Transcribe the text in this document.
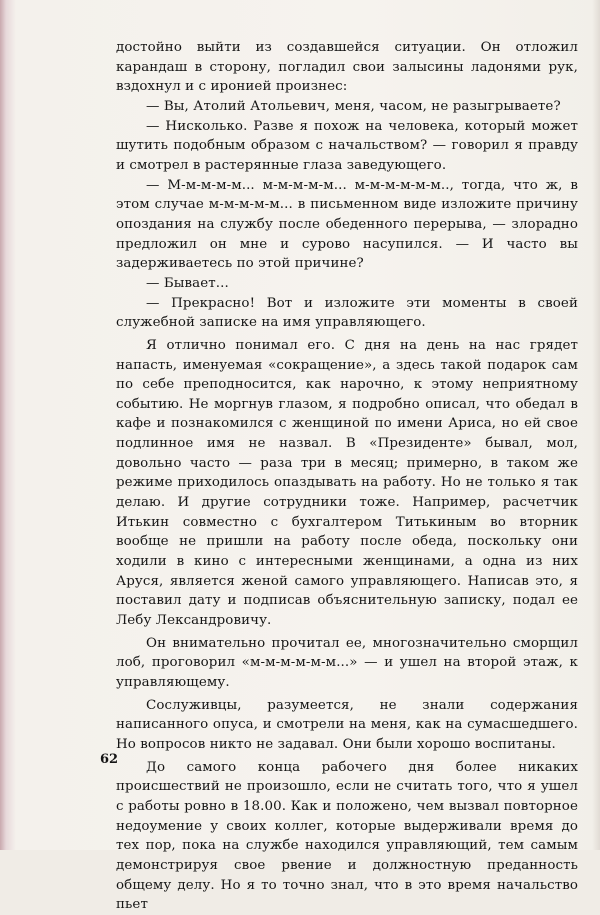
достойно выйти из создавшейся ситуации. Он отложил карандаш в сторону, погладил свои залысины ладонями рук, вздохнул и с иронией произнес:

— Вы, Атолий Атольевич, меня, часом, не разыгрываете?

— Нисколько. Разве я похож на человека, который может шутить подобным образом с начальством? — говорил я правду и смотрел в растерянные глаза заведующего.

— М-м-м-м-м... м-м-м-м-м... м-м-м-м-м-м.., тогда, что ж, в этом случае м-м-м-м-м... в письменном виде изложите причину опоздания на службу после обеденного перерыва, — злорадно предложил он мне и сурово насупился. — И часто вы задерживаетесь по этой причине?

— Бывает...

— Прекрасно! Вот и изложите эти моменты в своей служебной записке на имя управляющего.

Я отлично понимал его. С дня на день на нас грядет напасть, именуемая «сокращение», а здесь такой подарок сам по себе преподносится, как нарочно, к этому неприятному событию. Не моргнув глазом, я подробно описал, что обедал в кафе и познакомился с женщиной по имени Ариса, но ей свое подлинное имя не назвал. В «Президенте» бывал, мол, довольно часто — раза три в месяц; примерно, в таком же режиме приходилось опаздывать на работу. Но не только я так делаю. И другие сотрудники тоже. Например, расчетчик Итькин совместно с бухгалтером Титькиным во вторник вообще не пришли на работу после обеда, поскольку они ходили в кино с интересными женщинами, а одна из них Аруся, является женой самого управляющего. Написав это, я поставил дату и подписав объяснительную записку, подал ее Лебу Лександровичу.

Он внимательно прочитал ее, многозначительно сморщил лоб, проговорил «м-м-м-м-м-м...» — и ушел на второй этаж, к управляющему.

Сослуживцы, разумеется, не знали содержания написанного опуса, и смотрели на меня, как на сумасшедшего. Но вопросов никто не задавал. Они были хорошо воспитаны.

До самого конца рабочего дня более никаких происшествий не произошло, если не считать того, что я ушел с работы ровно в 18.00. Как и положено, чем вызвал повторное недоумение у своих коллег, которые выдерживали время до тех пор, пока на службе находился управляющий, тем самым демонстрируя свое рвение и должностную преданность общему делу. Но я то точно знал, что в это время начальство пьет

62
